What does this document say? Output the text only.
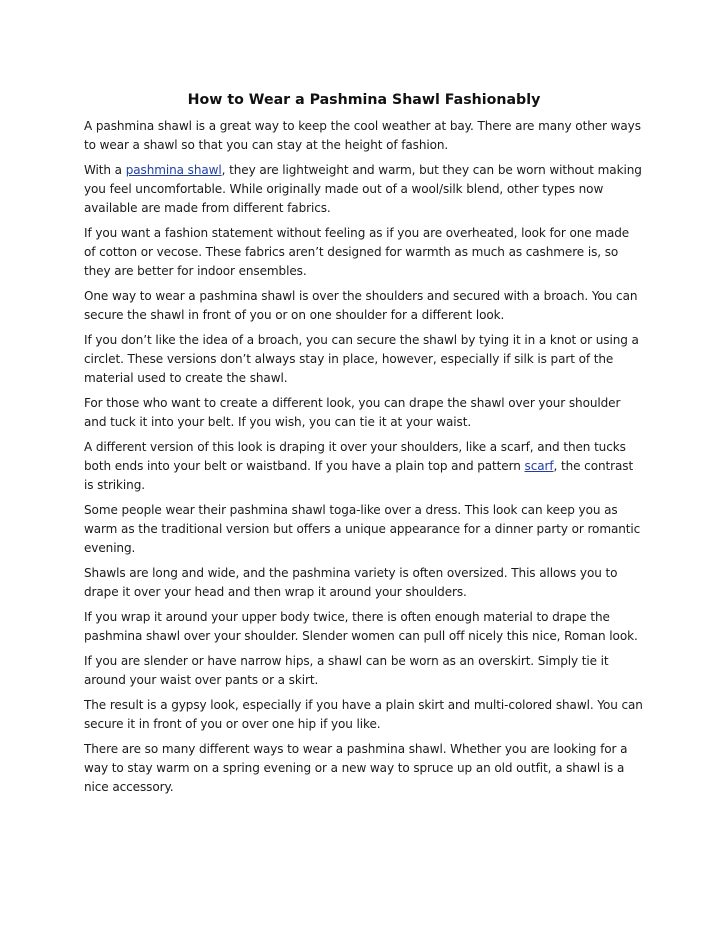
How to Wear a Pashmina Shawl Fashionably

A pashmina shawl is a great way to keep the cool weather at bay. There are many other ways to wear a shawl so that you can stay at the height of fashion.

With a pashmina shawl, they are lightweight and warm, but they can be worn without making you feel uncomfortable. While originally made out of a wool/silk blend, other types now available are made from different fabrics.

If you want a fashion statement without feeling as if you are overheated, look for one made of cotton or vecose. These fabrics aren’t designed for warmth as much as cashmere is, so they are better for indoor ensembles.

One way to wear a pashmina shawl is over the shoulders and secured with a broach. You can secure the shawl in front of you or on one shoulder for a different look.

If you don’t like the idea of a broach, you can secure the shawl by tying it in a knot or using a circlet. These versions don’t always stay in place, however, especially if silk is part of the material used to create the shawl.

For those who want to create a different look, you can drape the shawl over your shoulder and tuck it into your belt. If you wish, you can tie it at your waist.

A different version of this look is draping it over your shoulders, like a scarf, and then tucks both ends into your belt or waistband. If you have a plain top and pattern scarf, the contrast is striking.

Some people wear their pashmina shawl toga-like over a dress. This look can keep you as warm as the traditional version but offers a unique appearance for a dinner party or romantic evening.

Shawls are long and wide, and the pashmina variety is often oversized. This allows you to drape it over your head and then wrap it around your shoulders.

If you wrap it around your upper body twice, there is often enough material to drape the pashmina shawl over your shoulder. Slender women can pull off nicely this nice, Roman look.

If you are slender or have narrow hips, a shawl can be worn as an overskirt. Simply tie it around your waist over pants or a skirt.

The result is a gypsy look, especially if you have a plain skirt and multi-colored shawl. You can secure it in front of you or over one hip if you like.

There are so many different ways to wear a pashmina shawl. Whether you are looking for a way to stay warm on a spring evening or a new way to spruce up an old outfit, a shawl is a nice accessory.
